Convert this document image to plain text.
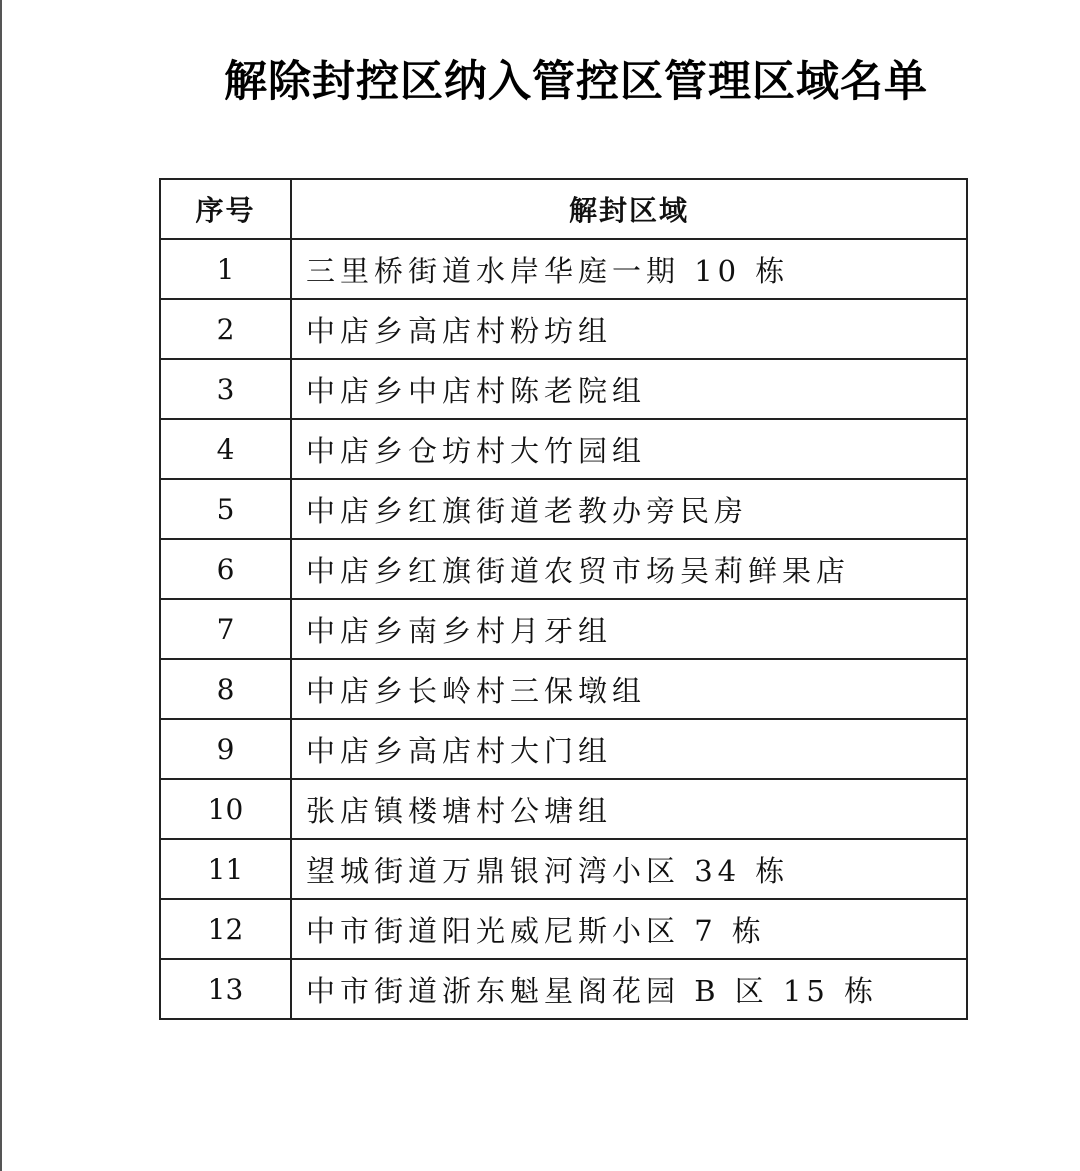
解除封控区纳入管控区管理区域名单
序号	解封区域
1	三里桥街道水岸华庭一期 10 栋
2	中店乡高店村粉坊组
3	中店乡中店村陈老院组
4	中店乡仓坊村大竹园组
5	中店乡红旗街道老教办旁民房
6	中店乡红旗街道农贸市场吴莉鲜果店
7	中店乡南乡村月牙组
8	中店乡长岭村三保墩组
9	中店乡高店村大门组
10	张店镇楼塘村公塘组
11	望城街道万鼎银河湾小区 34 栋
12	中市街道阳光威尼斯小区 7 栋
13	中市街道浙东魁星阁花园 B 区 15 栋
